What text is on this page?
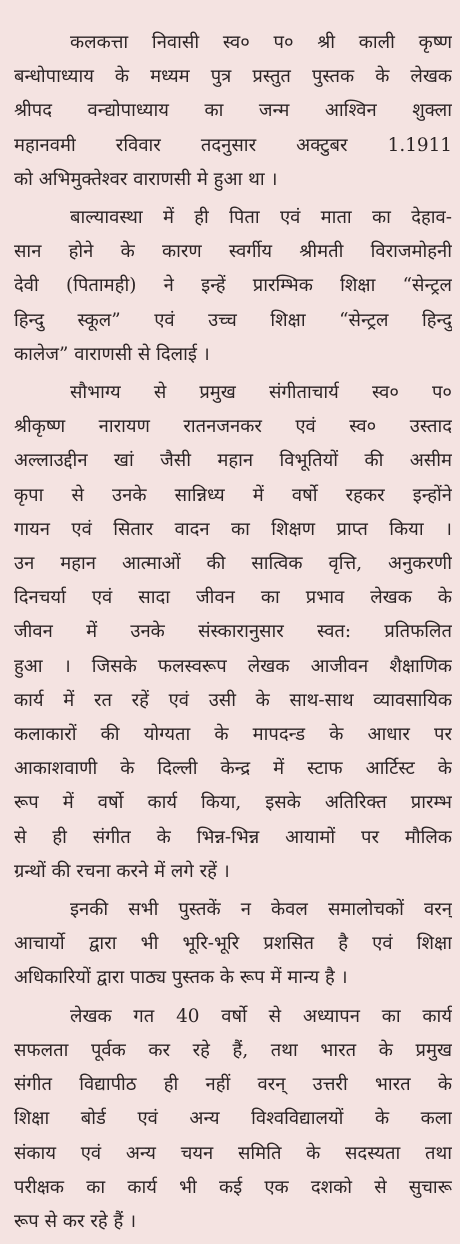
कलकत्ता निवासी स्व० प० श्री काली कृष्ण
बन्धोपाध्याय के मध्यम पुत्र प्रस्तुत पुस्तक के लेखक
श्रीपद वन्द्योपाध्याय का जन्म आश्विन शुक्ला
महानवमी रविवार तदनुसार अक्टुबर 1.1911
को अभिमुक्तेश्वर वाराणसी मे हुआ था ।
बाल्यावस्था में ही पिता एवं माता का देहाव-
सान होने के कारण स्वर्गीय श्रीमती विराजमोहनी
देवी (पितामही) ने इन्हें प्रारम्भिक शिक्षा “सेन्ट्रल
हिन्दु स्कूल” एवं उच्च शिक्षा “सेन्ट्रल हिन्दु
कालेज” वाराणसी से दिलाई ।
सौभाग्य से प्रमुख संगीताचार्य स्व० प०
श्रीकृष्ण नारायण रातनजनकर एवं स्व० उस्ताद
अल्लाउद्दीन खां जैसी महान विभूतियों की असीम
कृपा से उनके सान्निध्य में वर्षो रहकर इन्होंने
गायन एवं सितार वादन का शिक्षण प्राप्त किया ।
उन महान आत्माओं की सात्विक वृत्ति, अनुकरणी
दिनचर्या एवं सादा जीवन का प्रभाव लेखक के
जीवन में उनके संस्कारानुसार स्वत: प्रतिफलित
हुआ । जिसके फलस्वरूप लेखक आजीवन शैक्षाणिक
कार्य में रत रहें एवं उसी के साथ-साथ व्यावसायिक
कलाकारों की योग्यता के मापदन्ड के आधार पर
आकाशवाणी के दिल्ली केन्द्र में स्टाफ आर्टिस्ट के
रूप में वर्षो कार्य किया, इसके अतिरिक्त प्रारम्भ
से ही संगीत के भिन्न-भिन्न आयामों पर मौलिक
ग्रन्थों की रचना करने में लगे रहें ।
इनकी सभी पुस्तकें न केवल समालोचकों वरन्
आचार्यो द्वारा भी भूरि-भूरि प्रशसित है एवं शिक्षा
अधिकारियों द्वारा पाठ्य पुस्तक के रूप में मान्य है ।
लेखक गत 40 वर्षो से अध्यापन का कार्य
सफलता पूर्वक कर रहे हैं, तथा भारत के प्रमुख
संगीत विद्यापीठ ही नहीं वरन् उत्तरी भारत के
शिक्षा बोर्ड एवं अन्य विश्वविद्यालयों के कला
संकाय एवं अन्य चयन समिति के सदस्यता तथा
परीक्षक का कार्य भी कई एक दशको से सुचारू
रूप से कर रहे हैं ।
